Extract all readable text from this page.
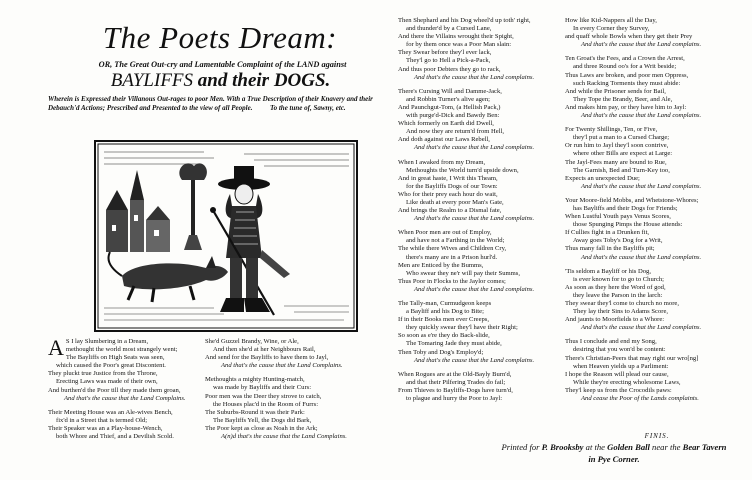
The Poets Dream:
OR, The Great Out-cry and Lamentable Complaint of the LAND against
BAYLIFFS and their DOGS.
Wherein is Expressed their Villanous Out-rages to poor Men. With a True Description of their Knavery and their Debauch'd Actions; Prescribed and Presented to the view of all People.	To the tune of, Sawny, etc.
A S I lay Slumbering in a Dream,
methought the world most strangely went;
The Bayliffs on High Seats was seen,
which caused the Poor's great Discontent.
They pluckt true Justice from the Throne,
Erecting Laws was made of their own,
And burthen'd the Poor till they made them groan,
And that's the cause that the Land Complains.
Their Meeting House was an Ale-wives Bench,
fix'd in a Street that is termed Old;
Their Speaker was an a Play-house-Wench,
both Whore and Thief, and a Devilish Scold.
She'd Guzzel Brandy, Wine, or Ale,
And then she'd at her Neighbours Rail,
And send for the Bayliffs to have them to Jayl,
And that's the cause that the Land Complains.
Methoughts a mighty Hunting-match,
was made by Bayliffs and their Curs:
Poor men was the Deer they strove to catch,
the Houses plac'd in the Room of Furrs:
The Suburbs-Round it was their Park:
The Bayliffs Yell, the Dogs did Bark,
The Poor kept as close as Noah in the Ark;
A(n)d that's the cause that the Land Complains.
Then Shephard and his Dog wheel'd up toth' right,
and thunder'd by a Cursed Lane,
And there the Villains wrought their Spight,
for by them once was a Poor Man slain:
They Swear before they'l ever lack,
They'l go to Hell a Pick-a-Pack,
And thus poor Debters they go to rack,
And that's the cause that the Land complains.
There's Cursing Will and Damme-Jack,
and Robbin Turner's alive agen;
And Paunchgut-Tom, (a Hellish Pack,)
with purge'd-Dick and Bawdy Ben:
Which formerly on Earth did Dwell,
And now they are return'd from Hell,
And doth against our Laws Rebell,
And that's the cause that the Land complains.
When I awaked from my Dream,
Methoughts the World turn'd upside down,
And in great haste, I Writ this Theam,
for the Bayliffs Dogs of our Town:
Who for their prey each hour do wait,
Like death at every poor Man's Gate,
And brings the Realm to a Dismal fate,
And that's the cause that the Land complains.
When Poor men are out of Employ,
and have not a Farthing in the World;
The while there Wives and Children Cry,
there's many are in a Prison hurl'd.
Men are Enticed by the Bumms,
Who swear they ne'r will pay their Summs,
Thus Poor in Flocks to the Jaylor comes;
And that's the cause that the Land complains.
The Tally-man, Curmudgeon keeps
a Bayliff and his Dog to Bite;
If in their Books men ever Creeps,
they quickly swear they'l have their Right;
So soon as e're they do Back-slide,
The Tomaring Jade they must abide,
Then Toby and Dog's Employ'd;
And that's the cause that the Land complains.
When Rogues are at the Old-Bayly Burn'd,
and that their Pilfering Trades do fail;
From Thieves to Bayliffs-Dogs have turn'd,
to plague and hurry the Poor to Jayl:
How like Kid-Nappers all the Day,
In every Corner they Survey,
and quaff whole Bowls when they get their Prey
And that's the cause that the Land complains.
Ten Groat's the Fees, and a Crown the Arrest,
and three Round oo's for a Writ beside;
Thus Laws are broken, and poor men Oppress,
such Racking Torments they must abide:
And while the Prisoner sends for Bail,
They Tope the Brandy, Beer, and Ale,
And makes him pay, or they have him to Jayl:
And that's the cause that the Land complains.
For Twenty Shillings, Ten, or Five,
they'l put a man to a Cursed Charge;
Or run him to Jayl they'l soon contrive,
where other Bills are expect at Large:
The Jayl-Fees many are bound to Rue,
The Garnish, Bed and Turn-Key too,
Expects an unexpected Due;
And that's the cause that the Land complains.
Your Moore-field Mobbs, and Whetstone-Whores;
has Bayliffs and their Dogs for Friends;
When Lustful Youth pays Venus Scores,
those Spunging Pimps the House attends:
If Cullies fight in a Drunken fit,
Away goes Toby's Dog for a Writ,
Thus many fall in the Bayliffs pit;
And that's the cause that the Land complains.
'Tis seldom a Bayliff or his Dog,
is ever known for to go to Church;
As soon as they here the Word of god,
they leave the Parson in the larch:
They swear they'l come to church no more,
They lay their Sins to Adams Score,
And jaunts to Moorfields to a Whore:
And that's the cause that the Land complains.
Thus I conclude and end my Song,
desiring that you won'd be content:
There's Christian-Peers that may right our wro[ng]
when Heaven yields up a Parliment:
I hope the Reason will plead our cause,
While they're erecting wholesome Laws,
They'l keep us from the Crocodils paws:
And cease the Poor of the Lands complaints.
FINIS.
Printed for P. Brooksby at the Golden Ball near the Bear Tavern
in Pye Corner.
